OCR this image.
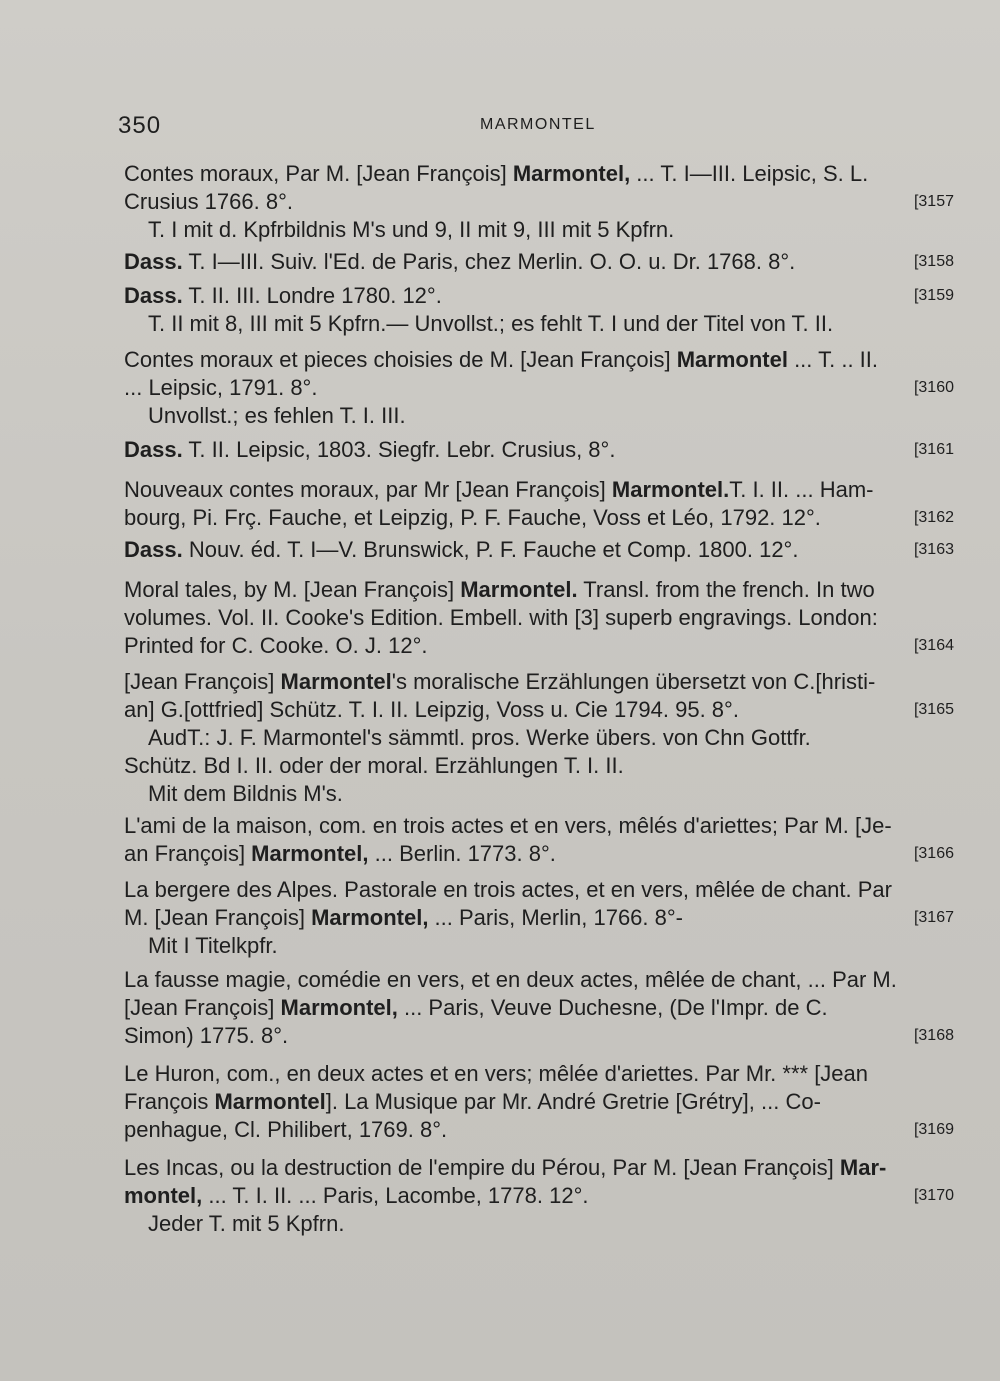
350	MARMONTEL
Contes moraux, Par M. [Jean François] Marmontel, ... T. I—III. Leipsic, S. L.
Crusius 1766. 8°.	[3157
T. I mit d. Kpfrbildnis M's und 9, II mit 9, III mit 5 Kpfrn.
Dass. T. I—III. Suiv. l'Ed. de Paris, chez Merlin. O. O. u. Dr. 1768. 8°.	[3158
Dass. T. II. III. Londre 1780. 12°.	[3159
T. II mit 8, III mit 5 Kpfrn.— Unvollst.; es fehlt T. I und der Titel von T. II.
Contes moraux et pieces choisies de M. [Jean François] Marmontel ... T. .. II.
... Leipsic, 1791. 8°.	[3160
Unvollst.; es fehlen T. I. III.
Dass. T. II. Leipsic, 1803. Siegfr. Lebr. Crusius, 8°.	[3161
Nouveaux contes moraux, par Mr [Jean François] Marmontel.T. I. II. ... Ham-
bourg, Pi. Frç. Fauche, et Leipzig, P. F. Fauche, Voss et Léo, 1792. 12°.	[3162
Dass. Nouv. éd. T. I—V. Brunswick, P. F. Fauche et Comp. 1800. 12°.	[3163
Moral tales, by M. [Jean François] Marmontel. Transl. from the french. In two
volumes. Vol. II. Cooke's Edition. Embell. with [3] superb engravings. London:
Printed for C. Cooke. O. J. 12°.	[3164
[Jean François] Marmontel's moralische Erzählungen übersetzt von C.[hristi-
an] G.[ottfried] Schütz. T. I. II. Leipzig, Voss u. Cie 1794. 95. 8°.	[3165
AudT.: J. F. Marmontel's sämmtl. pros. Werke übers. von Chn Gottfr.
Schütz. Bd I. II. oder der moral. Erzählungen T. I. II.
Mit dem Bildnis M's.
L'ami de la maison, com. en trois actes et en vers, mêlés d'ariettes; Par M. [Je-
an François] Marmontel, ... Berlin. 1773. 8°.	[3166
La bergere des Alpes. Pastorale en trois actes, et en vers, mêlée de chant. Par
M. [Jean François] Marmontel, ... Paris, Merlin, 1766. 8°-	[3167
Mit I Titelkpfr.
La fausse magie, comédie en vers, et en deux actes, mêlée de chant, ... Par M.
[Jean François] Marmontel, ... Paris, Veuve Duchesne, (De l'Impr. de C.
Simon) 1775. 8°.	[3168
Le Huron, com., en deux actes et en vers; mêlée d'ariettes. Par Mr. *** [Jean
François Marmontel]. La Musique par Mr. André Gretrie [Grétry], ... Co-
penhague, Cl. Philibert, 1769. 8°.	[3169
Les Incas, ou la destruction de l'empire du Pérou, Par M. [Jean François] Mar-
montel, ... T. I. II. ... Paris, Lacombe, 1778. 12°.	[3170
Jeder T. mit 5 Kpfrn.
